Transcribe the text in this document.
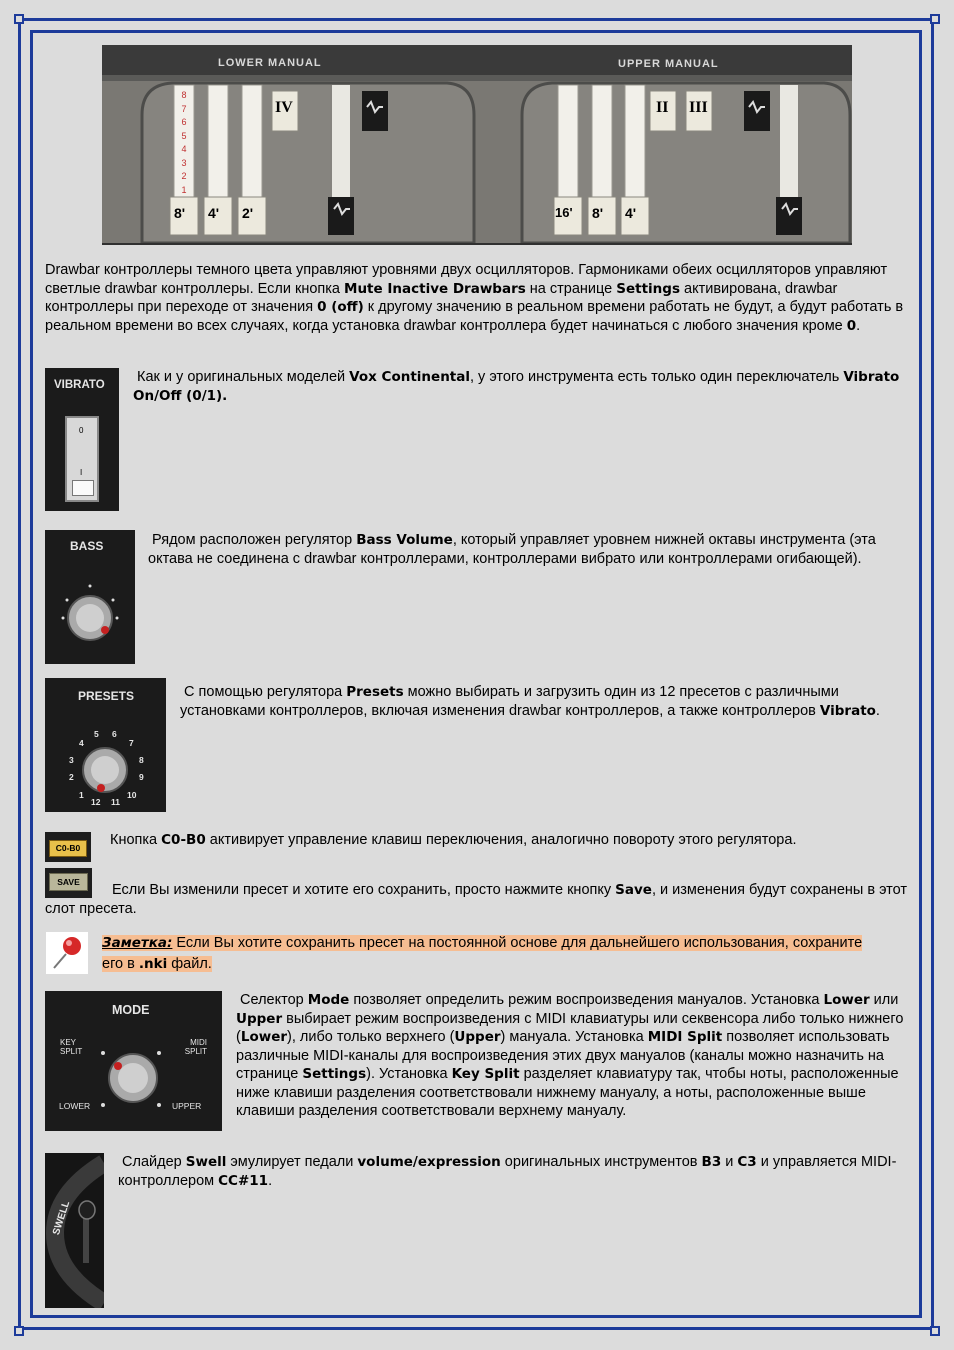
LOWER MANUAL	UPPER MANUAL
8
7
6
5
4
3
2
1
8' 4' 2'	16' 8' 4'
IV	II III

Drawbar контроллеры темного цвета управляют уровнями двух осцилляторов. Гармониками обеих осцилляторов управляют светлые drawbar контроллеры. Если кнопка Mute Inactive Drawbars на странице Settings активирована, drawbar контроллеры при переходе от значения 0 (off) к другому значению в реальном времени работать не будут, а будут работать в реальном времени во всех случаях, когда установка drawbar контроллера будет начинаться с любого значения кроме 0.

VIBRATO
0
I

Как и у оригинальных моделей Vox Continental, у этого инструмента есть только один переключатель Vibrato On/Off (0/1).

BASS	Рядом расположен регулятор Bass Volume, который управляет уровнем нижней октавы инструмента (эта октава не соединена с drawbar контроллерами, контроллерами вибрато или контроллерами огибающей).

PRESETS
1
2
3
4
5 6
7
8
9
10
11
12

С помощью регулятора Presets можно выбирать и загрузить один из 12 пресетов с различными установками контроллеров, включая изменения drawbar контроллеров, а также контроллеров Vibrato.

C0-B0	Кнопка C0-B0 активирует управление клавиш переключения, аналогично повороту этого регулятора.

SAVE	Если Вы изменили пресет и хотите его сохранить, просто нажмите кнопку Save, и изменения будут сохранены в этот слот пресета.

Заметка: Если Вы хотите сохранить пресет на постоянной основе для дальнейшего использования, сохраните его в .nki файл.

MODE
KEY SPLIT
MIDI SPLIT
LOWER	UPPER

Селектор Mode позволяет определить режим воспроизведения мануалов. Установка Lower или Upper выбирает режим воспроизведения с MIDI клавиатуры или секвенсора либо только нижнего (Lower), либо только верхнего (Upper) мануала. Установка MIDI Split позволяет использовать различные MIDI-каналы для воспроизведения этих двух мануалов (каналы можно назначить на странице Settings). Установка Key Split разделяет клавиатуру так, чтобы ноты, расположенные ниже клавиши разделения соответствовали нижнему мануалу, а ноты, расположенные выше клавиши разделения соответствовали верхнему мануалу.

SWELL

Слайдер Swell эмулирует педали volume/expression оригинальных инструментов B3 и C3 и управляется MIDI-контроллером CC#11.
